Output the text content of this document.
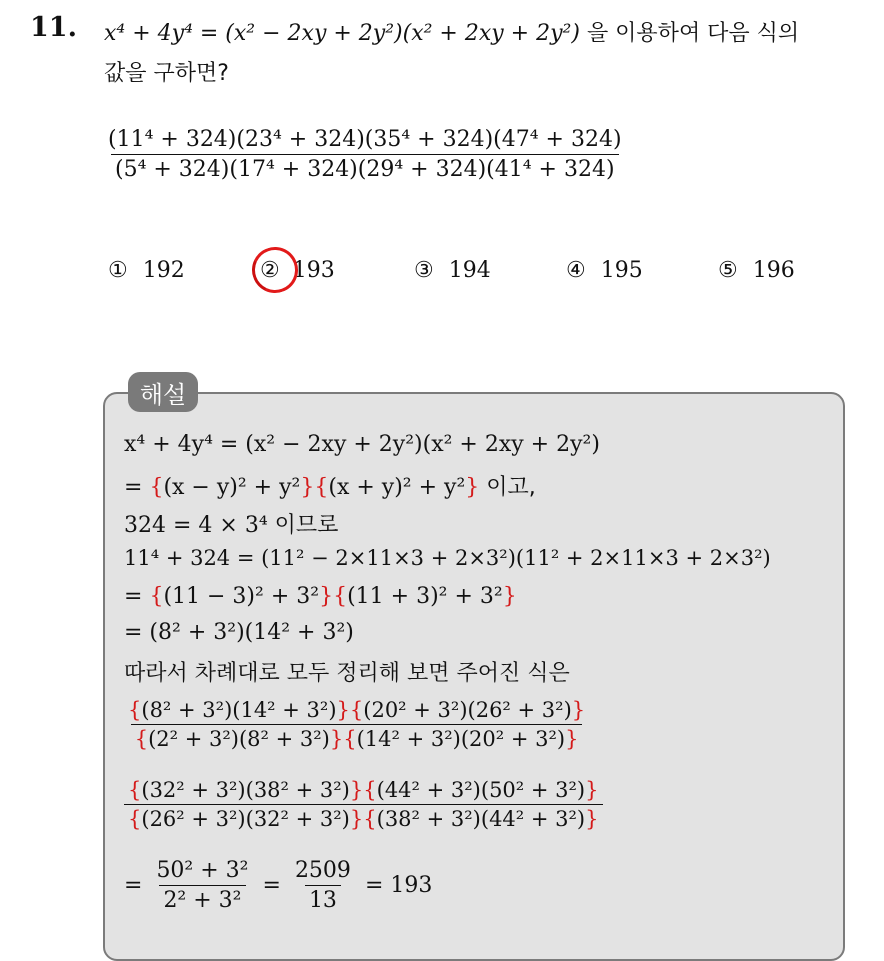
11. x⁴ + 4y⁴ = (x² − 2xy + 2y²)(x² + 2xy + 2y²) 을 이용하여 다음 식의
값을 구하면?
$\frac{\text{(11⁴ + 324)(23⁴ + 324)(35⁴ + 324)(47⁴ + 324)}}{\text{(5⁴ + 324)(17⁴ + 324)(29⁴ + 324)(41⁴ + 324)}}$
① 192	② 193	③ 194	④ 195	⑤ 196
해설
x⁴ + 4y⁴ = (x² − 2xy + 2y²)(x² + 2xy + 2y²)
= {(x − y)² + y²}{(x + y)² + y²} 이고,
324 = 4 × 3⁴ 이므로
11⁴ + 324 = (11² − 2×11×3 + 2×3²)(11² + 2×11×3 + 2×3²)
= {(11 − 3)² + 3²}{(11 + 3)² + 3²}
= (8² + 3²)(14² + 3²)
따라서 차례대로 모두 정리해 보면 주어진 식은
$\frac{\text{\{(8² + 3²)(14² + 3²)\}\{(20² + 3²)(26² + 3²)\}}}{\text{\{(2² + 3²)(8² + 3²)\}\{(14² + 3²)(20² + 3²)\}}}$
$\frac{\text{\{(32² + 3²)(38² + 3²)\}\{(44² + 3²)(50² + 3²)\}}}{\text{\{(26² + 3²)(32² + 3²)\}\{(38² + 3²)(44² + 3²)\}}}$
= $\frac{\text{50² + 3²}}{\text{2² + 3²}} = \frac{2509}{13} = 193$
